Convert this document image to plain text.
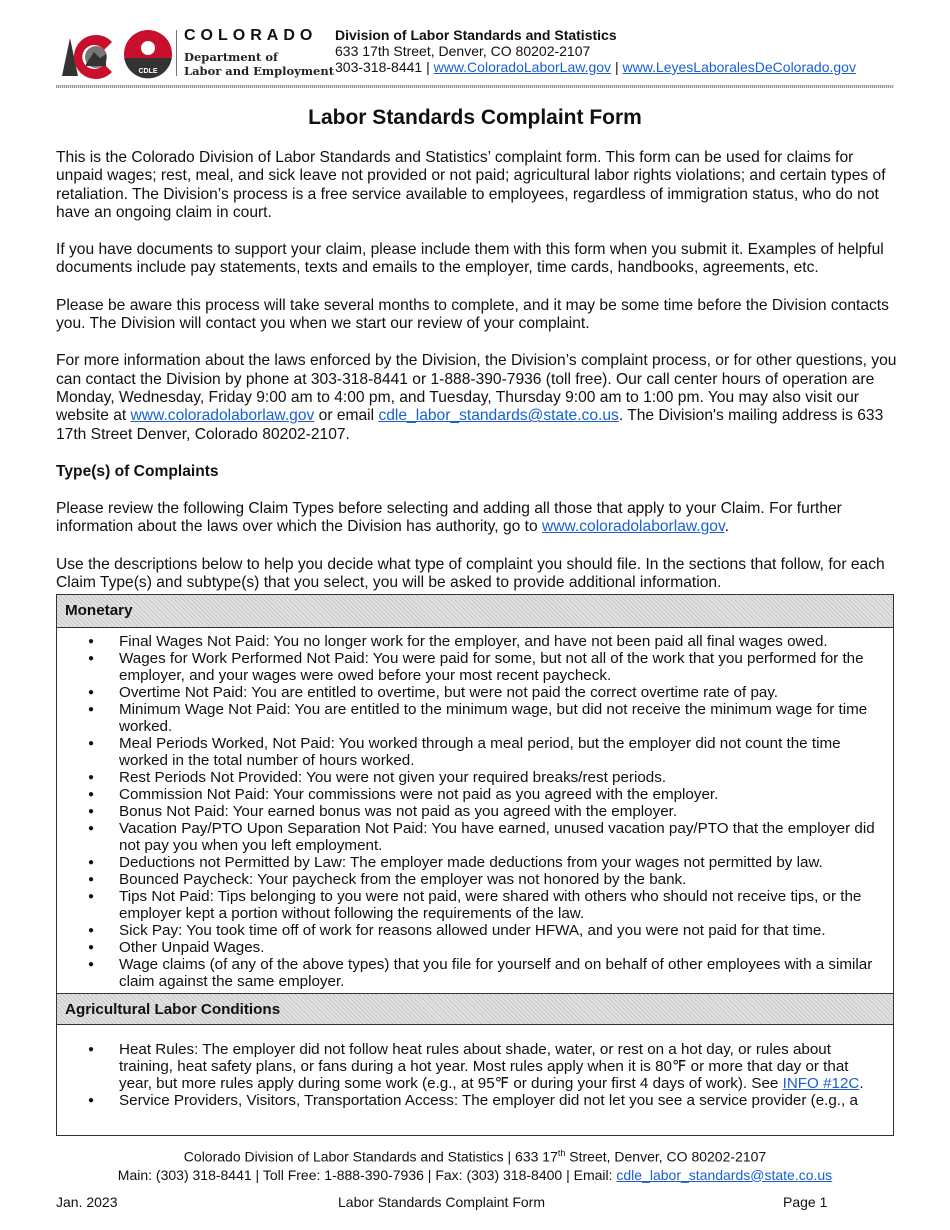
CDLE
COLORADO
Department of
Labor and Employment
Division of Labor Standards and Statistics
633 17th Street, Denver, CO 80202-2107
303-318-8441 | www.ColoradoLaborLaw.gov | www.LeyesLaboralesDeColorado.gov
Labor Standards Complaint Form

This is the Colorado Division of Labor Standards and Statistics’ complaint form. This form can be used for claims for unpaid wages; rest, meal, and sick leave not provided or not paid; agricultural labor rights violations; and certain types of retaliation. The Division’s process is a free service available to employees, regardless of immigration status, who do not have an ongoing claim in court.

If you have documents to support your claim, please include them with this form when you submit it. Examples of helpful documents include pay statements, texts and emails to the employer, time cards, handbooks, agreements, etc.

Please be aware this process will take several months to complete, and it may be some time before the Division contacts you. The Division will contact you when we start our review of your complaint.

For more information about the laws enforced by the Division, the Division’s complaint process, or for other questions, you can contact the Division by phone at 303-318-8441 or 1-888-390-7936 (toll free). Our call center hours of operation are Monday, Wednesday, Friday 9:00 am to 4:00 pm, and Tuesday, Thursday 9:00 am to 1:00 pm. You may also visit our website at www.coloradolaborlaw.gov or email cdle_labor_standards@state.co.us. The Division's mailing address is 633 17th Street Denver, Colorado 80202-2107.

Type(s) of Complaints

Please review the following Claim Types before selecting and adding all those that apply to your Claim. For further information about the laws over which the Division has authority, go to www.coloradolaborlaw.gov.

Use the descriptions below to help you decide what type of complaint you should file. In the sections that follow, for each Claim Type(s) and subtype(s) that you select, you will be asked to provide additional information.

Monetary
● Final Wages Not Paid: You no longer work for the employer, and have not been paid all final wages owed.
● Wages for Work Performed Not Paid: You were paid for some, but not all of the work that you performed for the employer, and your wages were owed before your most recent paycheck.
● Overtime Not Paid: You are entitled to overtime, but were not paid the correct overtime rate of pay.
● Minimum Wage Not Paid: You are entitled to the minimum wage, but did not receive the minimum wage for time worked.
● Meal Periods Worked, Not Paid: You worked through a meal period, but the employer did not count the time worked in the total number of hours worked.
● Rest Periods Not Provided: You were not given your required breaks/rest periods.
● Commission Not Paid: Your commissions were not paid as you agreed with the employer.
● Bonus Not Paid: Your earned bonus was not paid as you agreed with the employer.
● Vacation Pay/PTO Upon Separation Not Paid: You have earned, unused vacation pay/PTO that the employer did not pay you when you left employment.
● Deductions not Permitted by Law: The employer made deductions from your wages not permitted by law.
● Bounced Paycheck: Your paycheck from the employer was not honored by the bank.
● Tips Not Paid: Tips belonging to you were not paid, were shared with others who should not receive tips, or the employer kept a portion without following the requirements of the law.
● Sick Pay: You took time off of work for reasons allowed under HFWA, and you were not paid for that time.
● Other Unpaid Wages.
● Wage claims (of any of the above types) that you file for yourself and on behalf of other employees with a similar claim against the same employer.
Agricultural Labor Conditions
● Heat Rules: The employer did not follow heat rules about shade, water, or rest on a hot day, or rules about training, heat safety plans, or fans during a hot year. Most rules apply when it is 80℉ or more that day or that year, but more rules apply during some work (e.g., at 95℉ or during your first 4 days of work). See INFO #12C.
● Service Providers, Visitors, Transportation Access: The employer did not let you see a service provider (e.g., a
Colorado Division of Labor Standards and Statistics | 633 17th Street, Denver, CO 80202-2107
Main: (303) 318-8441 | Toll Free: 1-888-390-7936 | Fax: (303) 318-8400 | Email: cdle_labor_standards@state.co.us
Jan. 2023	Labor Standards Complaint Form	Page 1
